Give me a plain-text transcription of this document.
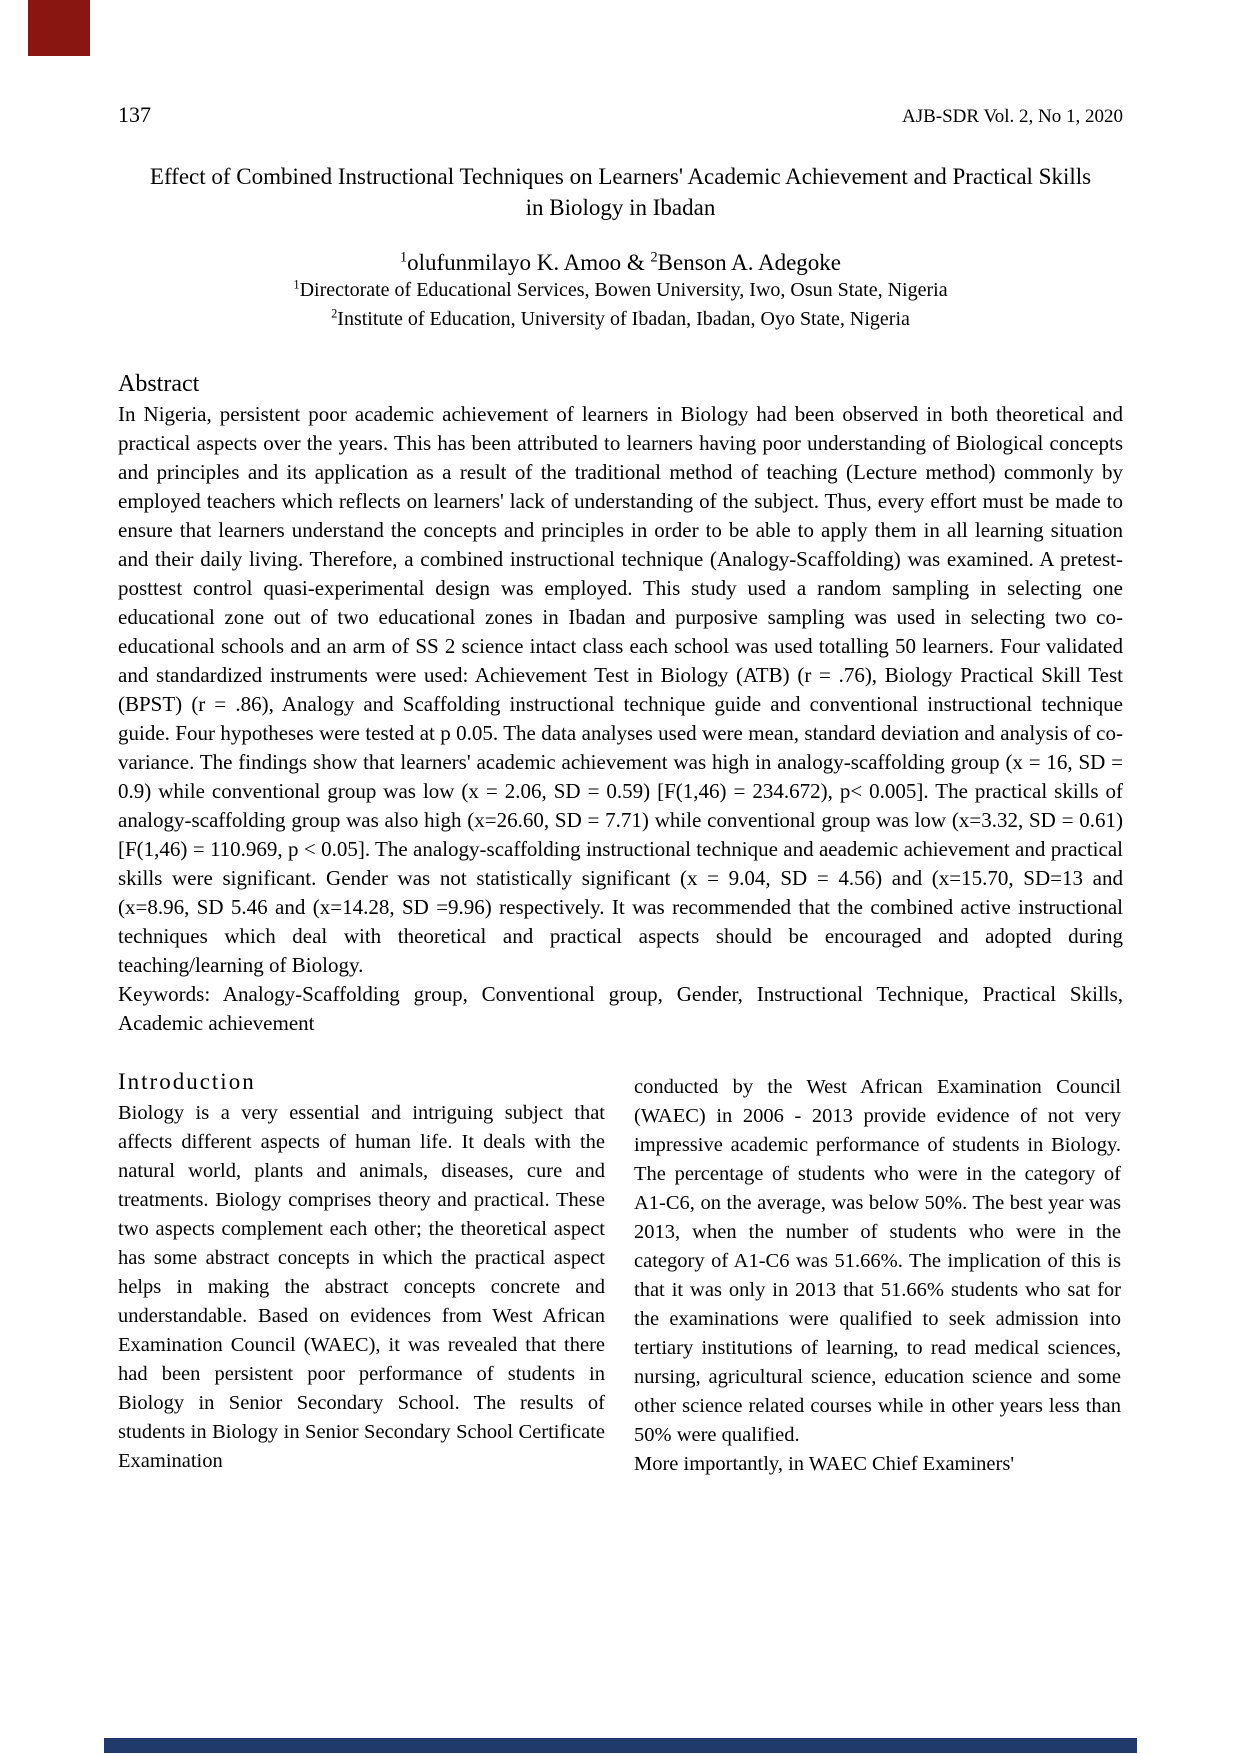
137	AJB-SDR Vol. 2, No 1, 2020
Effect of Combined Instructional Techniques on Learners' Academic Achievement and Practical Skills in Biology in Ibadan
$^1$olufunmilayo K. Amoo & $^2$Benson A. Adegoke
$^1$Directorate of Educational Services, Bowen University, Iwo, Osun State, Nigeria
$^2$Institute of Education, University of Ibadan, Ibadan, Oyo State, Nigeria
Abstract

In Nigeria, persistent poor academic achievement of learners in Biology had been observed in both theoretical and practical aspects over the years. This has been attributed to learners having poor understanding of Biological concepts and principles and its application as a result of the traditional method of teaching (Lecture method) commonly by employed teachers which reflects on learners' lack of understanding of the subject. Thus, every effort must be made to ensure that learners understand the concepts and principles in order to be able to apply them in all learning situation and their daily living. Therefore, a combined instructional technique (Analogy-Scaffolding) was examined. A pretest-posttest control quasi-experimental design was employed. This study used a random sampling in selecting one educational zone out of two educational zones in Ibadan and purposive sampling was used in selecting two co-educational schools and an arm of SS 2 science intact class each school was used totalling 50 learners. Four validated and standardized instruments were used: Achievement Test in Biology (ATB) (r = .76), Biology Practical Skill Test (BPST) (r = .86), Analogy and Scaffolding instructional technique guide and conventional instructional technique guide. Four hypotheses were tested at p 0.05. The data analyses used were mean, standard deviation and analysis of co-variance. The findings show that learners' academic achievement was high in analogy-scaffolding group (x = 16, SD = 0.9) while conventional group was low (x = 2.06, SD = 0.59) [F(1,46) = 234.672), p< 0.005]. The practical skills of analogy-scaffolding group was also high (x=26.60, SD = 7.71) while conventional group was low (x=3.32, SD = 0.61) [F(1,46) = 110.969, p < 0.05]. The analogy-scaffolding instructional technique and aeademic achievement and practical skills were significant. Gender was not statistically significant (x = 9.04, SD = 4.56) and (x=15.70, SD=13 and (x=8.96, SD 5.46 and (x=14.28, SD =9.96) respectively. It was recommended that the combined active instructional techniques which deal with theoretical and practical aspects should be encouraged and adopted during teaching/learning of Biology.

Keywords: Analogy-Scaffolding group, Conventional group, Gender, Instructional Technique, Practical Skills, Academic achievement

Introduction

Biology is a very essential and intriguing subject that affects different aspects of human life. It deals with the natural world, plants and animals, diseases, cure and treatments. Biology comprises theory and practical. These two aspects complement each other; the theoretical aspect has some abstract concepts in which the practical aspect helps in making the abstract concepts concrete and understandable. Based on evidences from West African Examination Council (WAEC), it was revealed that there had been persistent poor performance of students in Biology in Senior Secondary School. The results of students in Biology in Senior Secondary School Certificate Examination

conducted by the West African Examination Council (WAEC) in 2006 - 2013 provide evidence of not very impressive academic performance of students in Biology. The percentage of students who were in the category of A1-C6, on the average, was below 50%. The best year was 2013, when the number of students who were in the category of A1-C6 was 51.66%. The implication of this is that it was only in 2013 that 51.66% students who sat for the examinations were qualified to seek admission into tertiary institutions of learning, to read medical sciences, nursing, agricultural science, education science and some other science related courses while in other years less than 50% were qualified.

More importantly, in WAEC Chief Examiners'
